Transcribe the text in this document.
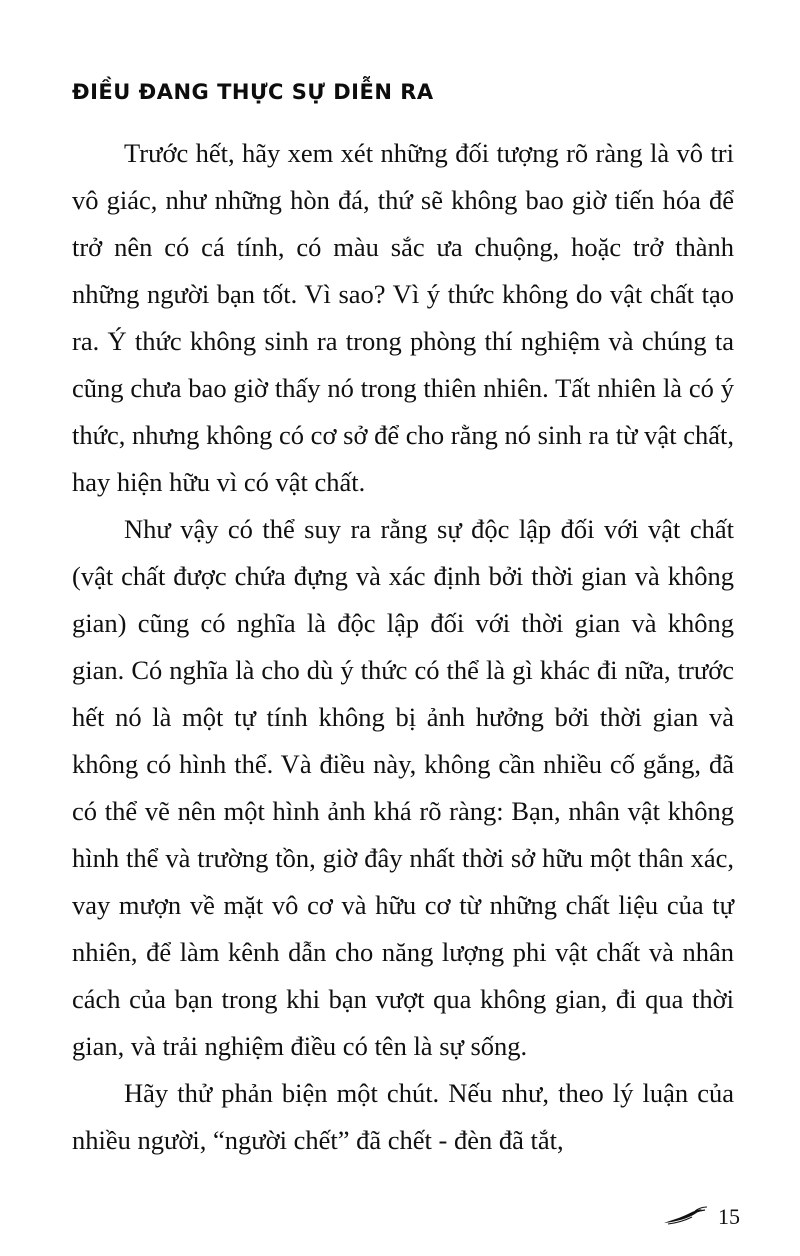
ĐIỀU ĐANG THỰC SỰ DIỄN RA

Trước hết, hãy xem xét những đối tượng rõ ràng là vô tri vô giác, như những hòn đá, thứ sẽ không bao giờ tiến hóa để trở nên có cá tính, có màu sắc ưa chuộng, hoặc trở thành những người bạn tốt. Vì sao? Vì ý thức không do vật chất tạo ra. Ý thức không sinh ra trong phòng thí nghiệm và chúng ta cũng chưa bao giờ thấy nó trong thiên nhiên. Tất nhiên là có ý thức, nhưng không có cơ sở để cho rằng nó sinh ra từ vật chất, hay hiện hữu vì có vật chất.

Như vậy có thể suy ra rằng sự độc lập đối với vật chất (vật chất được chứa đựng và xác định bởi thời gian và không gian) cũng có nghĩa là độc lập đối với thời gian và không gian. Có nghĩa là cho dù ý thức có thể là gì khác đi nữa, trước hết nó là một tự tính không bị ảnh hưởng bởi thời gian và không có hình thể. Và điều này, không cần nhiều cố gắng, đã có thể vẽ nên một hình ảnh khá rõ ràng: Bạn, nhân vật không hình thể và trường tồn, giờ đây nhất thời sở hữu một thân xác, vay mượn về mặt vô cơ và hữu cơ từ những chất liệu của tự nhiên, để làm kênh dẫn cho năng lượng phi vật chất và nhân cách của bạn trong khi bạn vượt qua không gian, đi qua thời gian, và trải nghiệm điều có tên là sự sống.

Hãy thử phản biện một chút. Nếu như, theo lý luận của nhiều người, “người chết” đã chết - đèn đã tắt,

15
